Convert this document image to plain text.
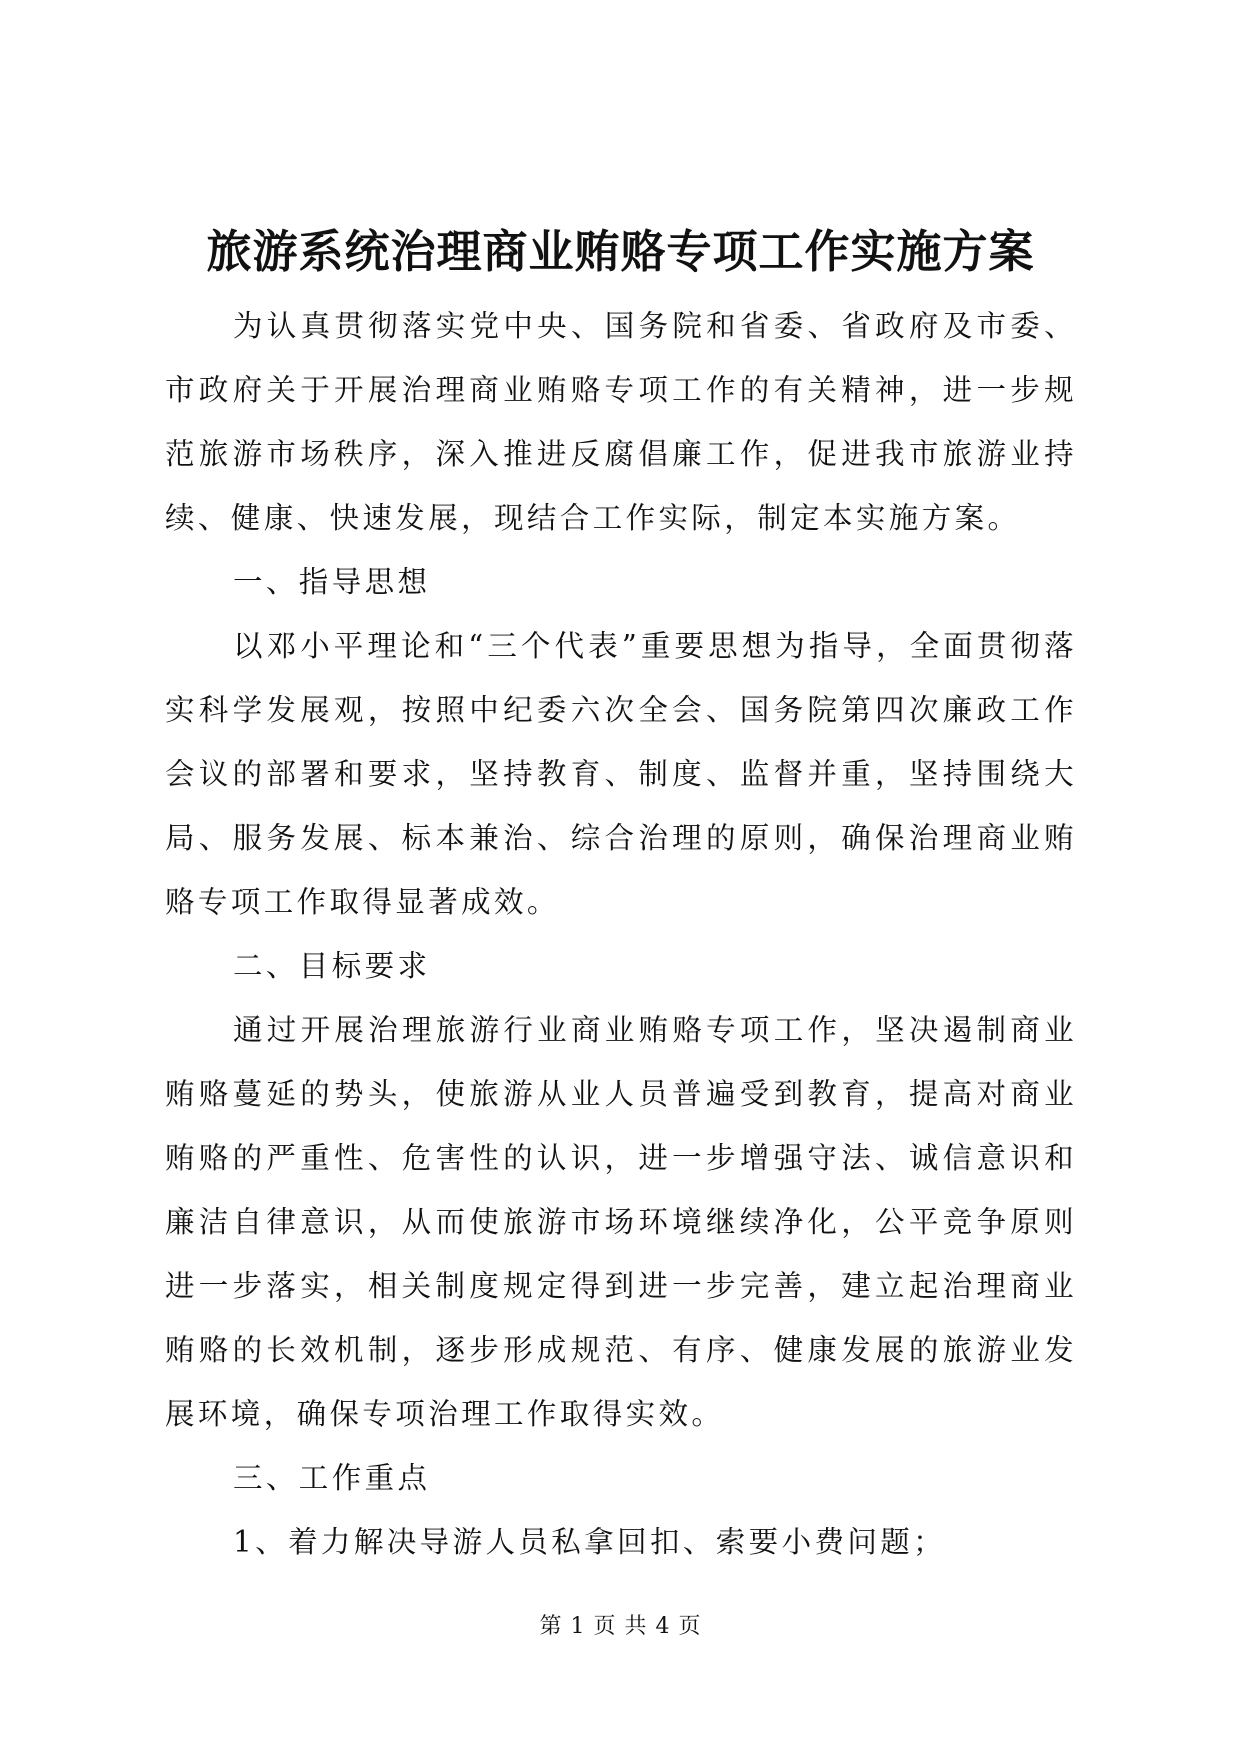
旅游系统治理商业贿赂专项工作实施方案

为认真贯彻落实党中央、国务院和省委、省政府及市委、市政府关于开展治理商业贿赂专项工作的有关精神，进一步规范旅游市场秩序，深入推进反腐倡廉工作，促进我市旅游业持续、健康、快速发展，现结合工作实际，制定本实施方案。

一、指导思想

以邓小平理论和“三个代表”重要思想为指导，全面贯彻落实科学发展观，按照中纪委六次全会、国务院第四次廉政工作会议的部署和要求，坚持教育、制度、监督并重，坚持围绕大局、服务发展、标本兼治、综合治理的原则，确保治理商业贿赂专项工作取得显著成效。

二、目标要求

通过开展治理旅游行业商业贿赂专项工作，坚决遏制商业贿赂蔓延的势头，使旅游从业人员普遍受到教育，提高对商业贿赂的严重性、危害性的认识，进一步增强守法、诚信意识和廉洁自律意识，从而使旅游市场环境继续净化，公平竞争原则进一步落实，相关制度规定得到进一步完善，建立起治理商业贿赂的长效机制，逐步形成规范、有序、健康发展的旅游业发展环境，确保专项治理工作取得实效。

三、工作重点

1、着力解决导游人员私拿回扣、索要小费问题；

第 1 页 共 4 页
